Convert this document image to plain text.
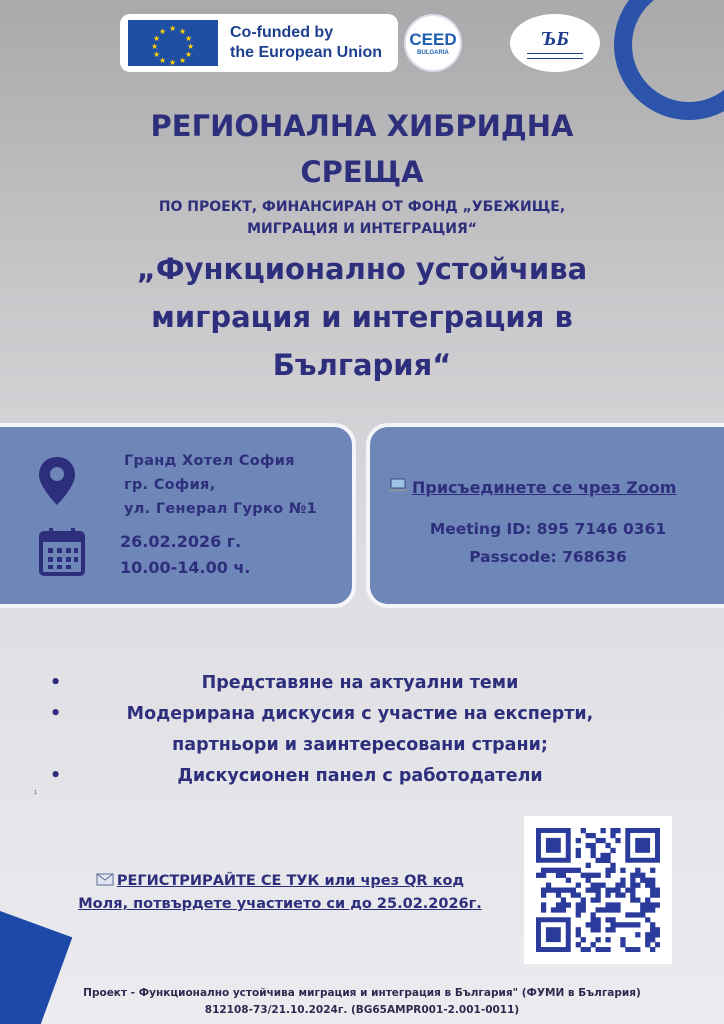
★ ★
★
★
★
★
★
★
★
★
★
★	Co-funded by
the European Union
CEED
BULGARIA
ЪБ
РЕГИОНАЛНА ХИБРИДНА
СРЕЩА
ПО ПРОЕКТ, ФИНАНСИРАН ОТ ФОНД „УБЕЖИЩЕ,
МИГРАЦИЯ И ИНТЕГРАЦИЯ“
„Функционално устойчива
миграция и интеграция в
България“
Гранд Хотел София
гр. София,
ул. Генерал Гурко №1
26.02.2026 г.
10.00-14.00 ч.
Присъединете се чрез Zoom
Meeting ID: 895 7146 0361
Passcode: 768636
•	Представяне на актуални теми
•	Модерирана дискусия с участие на експерти,
партньори и заинтересовани страни;
•	Дискусионен панел с работодатели
1
РЕГИСТРИРАЙТЕ СЕ ТУК или чрез QR код
Моля, потвърдете участието си до 25.02.2026г.
Проект - Функционално устойчива миграция и интеграция в България" (ФУМИ в България)
812108-73/21.10.2024г. (BG65AMPR001-2.001-0011)
